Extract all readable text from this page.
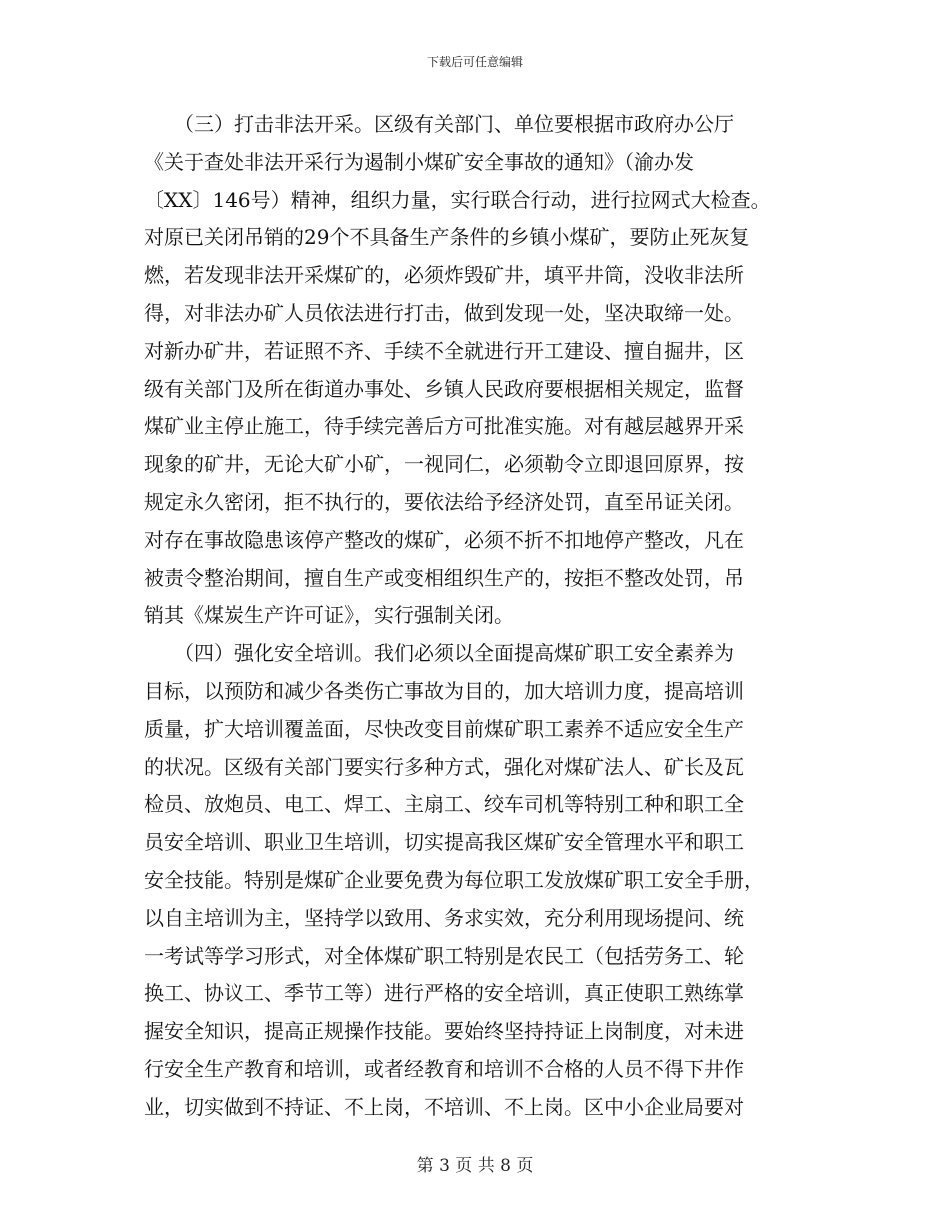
下载后可任意编辑
　　（三）打击非法开采。区级有关部门、单位要根据市政府办公厅
《关于查处非法开采行为遏制小煤矿安全事故的通知》（渝办发
〔XX〕146号）精神，组织力量，实行联合行动，进行拉网式大检查。
对原已关闭吊销的29个不具备生产条件的乡镇小煤矿，要防止死灰复
燃，若发现非法开采煤矿的，必须炸毁矿井，填平井筒，没收非法所
得，对非法办矿人员依法进行打击，做到发现一处，坚决取缔一处。
对新办矿井，若证照不齐、手续不全就进行开工建设、擅自掘井，区
级有关部门及所在街道办事处、乡镇人民政府要根据相关规定，监督
煤矿业主停止施工，待手续完善后方可批准实施。对有越层越界开采
现象的矿井，无论大矿小矿，一视同仁，必须勒令立即退回原界，按
规定永久密闭，拒不执行的，要依法给予经济处罚，直至吊证关闭。
对存在事故隐患该停产整改的煤矿，必须不折不扣地停产整改，凡在
被责令整治期间，擅自生产或变相组织生产的，按拒不整改处罚，吊
销其《煤炭生产许可证》，实行强制关闭。
　　（四）强化安全培训。我们必须以全面提高煤矿职工安全素养为
目标，以预防和减少各类伤亡事故为目的，加大培训力度，提高培训
质量，扩大培训覆盖面，尽快改变目前煤矿职工素养不适应安全生产
的状况。区级有关部门要实行多种方式，强化对煤矿法人、矿长及瓦
检员、放炮员、电工、焊工、主扇工、绞车司机等特别工种和职工全
员安全培训、职业卫生培训，切实提高我区煤矿安全管理水平和职工
安全技能。特别是煤矿企业要免费为每位职工发放煤矿职工安全手册，
以自主培训为主，坚持学以致用、务求实效，充分利用现场提问、统
一考试等学习形式，对全体煤矿职工特别是农民工（包括劳务工、轮
换工、协议工、季节工等）进行严格的安全培训，真正使职工熟练掌
握安全知识，提高正规操作技能。要始终坚持持证上岗制度，对未进
行安全生产教育和培训，或者经教育和培训不合格的人员不得下井作
业，切实做到不持证、不上岗，不培训、不上岗。区中小企业局要对
第 3 页 共 8 页
